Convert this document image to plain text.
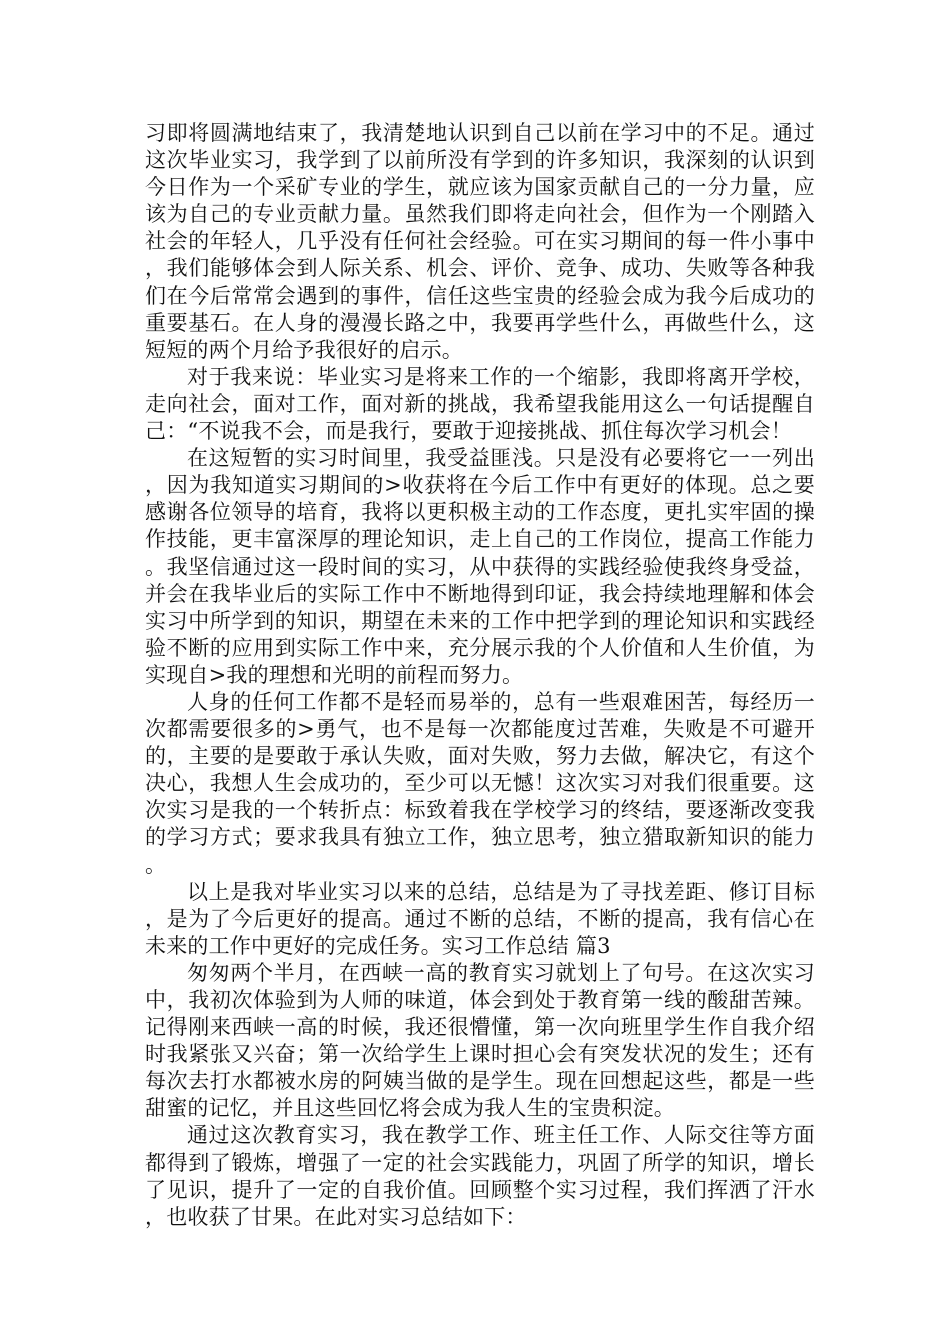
习即将圆满地结束了，我清楚地认识到自己以前在学习中的不足。通过这次毕业实习，我学到了以前所没有学到的许多知识，我深刻的认识到今日作为一个采矿专业的学生，就应该为国家贡献自己的一分力量，应该为自己的专业贡献力量。虽然我们即将走向社会，但作为一个刚踏入社会的年轻人，几乎没有任何社会经验。可在实习期间的每一件小事中，我们能够体会到人际关系、机会、评价、竞争、成功、失败等各种我们在今后常常会遇到的事件，信任这些宝贵的经验会成为我今后成功的重要基石。在人身的漫漫长路之中，我要再学些什么，再做些什么，这短短的两个月给予我很好的启示。

对于我来说：毕业实习是将来工作的一个缩影，我即将离开学校，走向社会，面对工作，面对新的挑战，我希望我能用这么一句话提醒自己：“不说我不会，而是我行，要敢于迎接挑战、抓住每次学习机会！

在这短暂的实习时间里，我受益匪浅。只是没有必要将它一一列出，因为我知道实习期间的>收获将在今后工作中有更好的体现。总之要感谢各位领导的培育，我将以更积极主动的工作态度，更扎实牢固的操作技能，更丰富深厚的理论知识，走上自己的工作岗位，提高工作能力。我坚信通过这一段时间的实习，从中获得的实践经验使我终身受益，并会在我毕业后的实际工作中不断地得到印证，我会持续地理解和体会实习中所学到的知识，期望在未来的工作中把学到的理论知识和实践经验不断的应用到实际工作中来，充分展示我的个人价值和人生价值，为实现自>我的理想和光明的前程而努力。

人身的任何工作都不是轻而易举的，总有一些艰难困苦，每经历一次都需要很多的>勇气，也不是每一次都能度过苦难，失败是不可避开的，主要的是要敢于承认失败，面对失败，努力去做，解决它，有这个决心，我想人生会成功的，至少可以无憾！这次实习对我们很重要。这次实习是我的一个转折点：标致着我在学校学习的终结，要逐渐改变我的学习方式；要求我具有独立工作，独立思考，独立猎取新知识的能力。

以上是我对毕业实习以来的总结，总结是为了寻找差距、修订目标，是为了今后更好的提高。通过不断的总结，不断的提高，我有信心在未来的工作中更好的完成任务。实习工作总结 篇3

匆匆两个半月，在西峡一高的教育实习就划上了句号。在这次实习中，我初次体验到为人师的味道，体会到处于教育第一线的酸甜苦辣。记得刚来西峡一高的时候，我还很懵懂，第一次向班里学生作自我介绍时我紧张又兴奋；第一次给学生上课时担心会有突发状况的发生；还有每次去打水都被水房的阿姨当做的是学生。现在回想起这些，都是一些甜蜜的记忆，并且这些回忆将会成为我人生的宝贵积淀。

通过这次教育实习，我在教学工作、班主任工作、人际交往等方面都得到了锻炼，增强了一定的社会实践能力，巩固了所学的知识，增长了见识，提升了一定的自我价值。回顾整个实习过程，我们挥洒了汗水，也收获了甘果。在此对实习总结如下：
